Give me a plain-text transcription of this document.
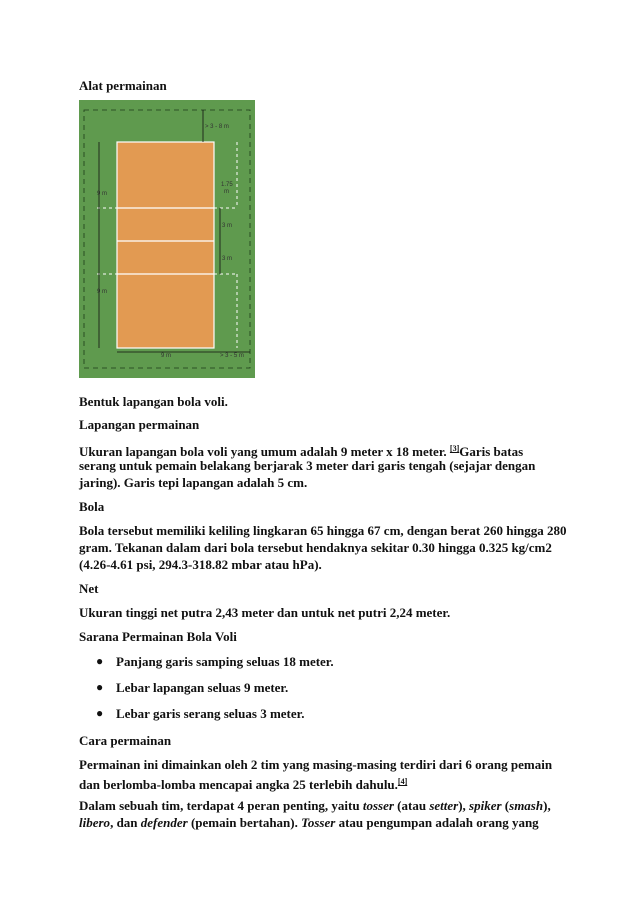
Alat permainan

> 3 - 8 m
1.75
m
9 m
9 m
3 m
3 m
9 m	> 3 - 5 m

Bentuk lapangan bola voli.

Lapangan permainan

Ukuran lapangan bola voli yang umum adalah 9 meter x 18 meter. [3]Garis batas

serang untuk pemain belakang berjarak 3 meter dari garis tengah (sejajar dengan

jaring). Garis tepi lapangan adalah 5 cm.

Bola

Bola tersebut memiliki keliling lingkaran 65 hingga 67 cm, dengan berat 260 hingga 280

gram. Tekanan dalam dari bola tersebut hendaknya sekitar 0.30 hingga 0.325 kg/cm2

(4.26-4.61 psi, 294.3-318.82 mbar atau hPa).

Net

Ukuran tinggi net putra 2,43 meter dan untuk net putri 2,24 meter.

Sarana Permainan Bola Voli

● Panjang garis samping seluas 18 meter.
● Lebar lapangan seluas 9 meter.
● Lebar garis serang seluas 3 meter.

Cara permainan

Permainan ini dimainkan oleh 2 tim yang masing-masing terdiri dari 6 orang pemain

dan berlomba-lomba mencapai angka 25 terlebih dahulu.[4]

Dalam sebuah tim, terdapat 4 peran penting, yaitu tosser (atau setter), spiker (smash),

libero, dan defender (pemain bertahan). Tosser atau pengumpan adalah orang yang
